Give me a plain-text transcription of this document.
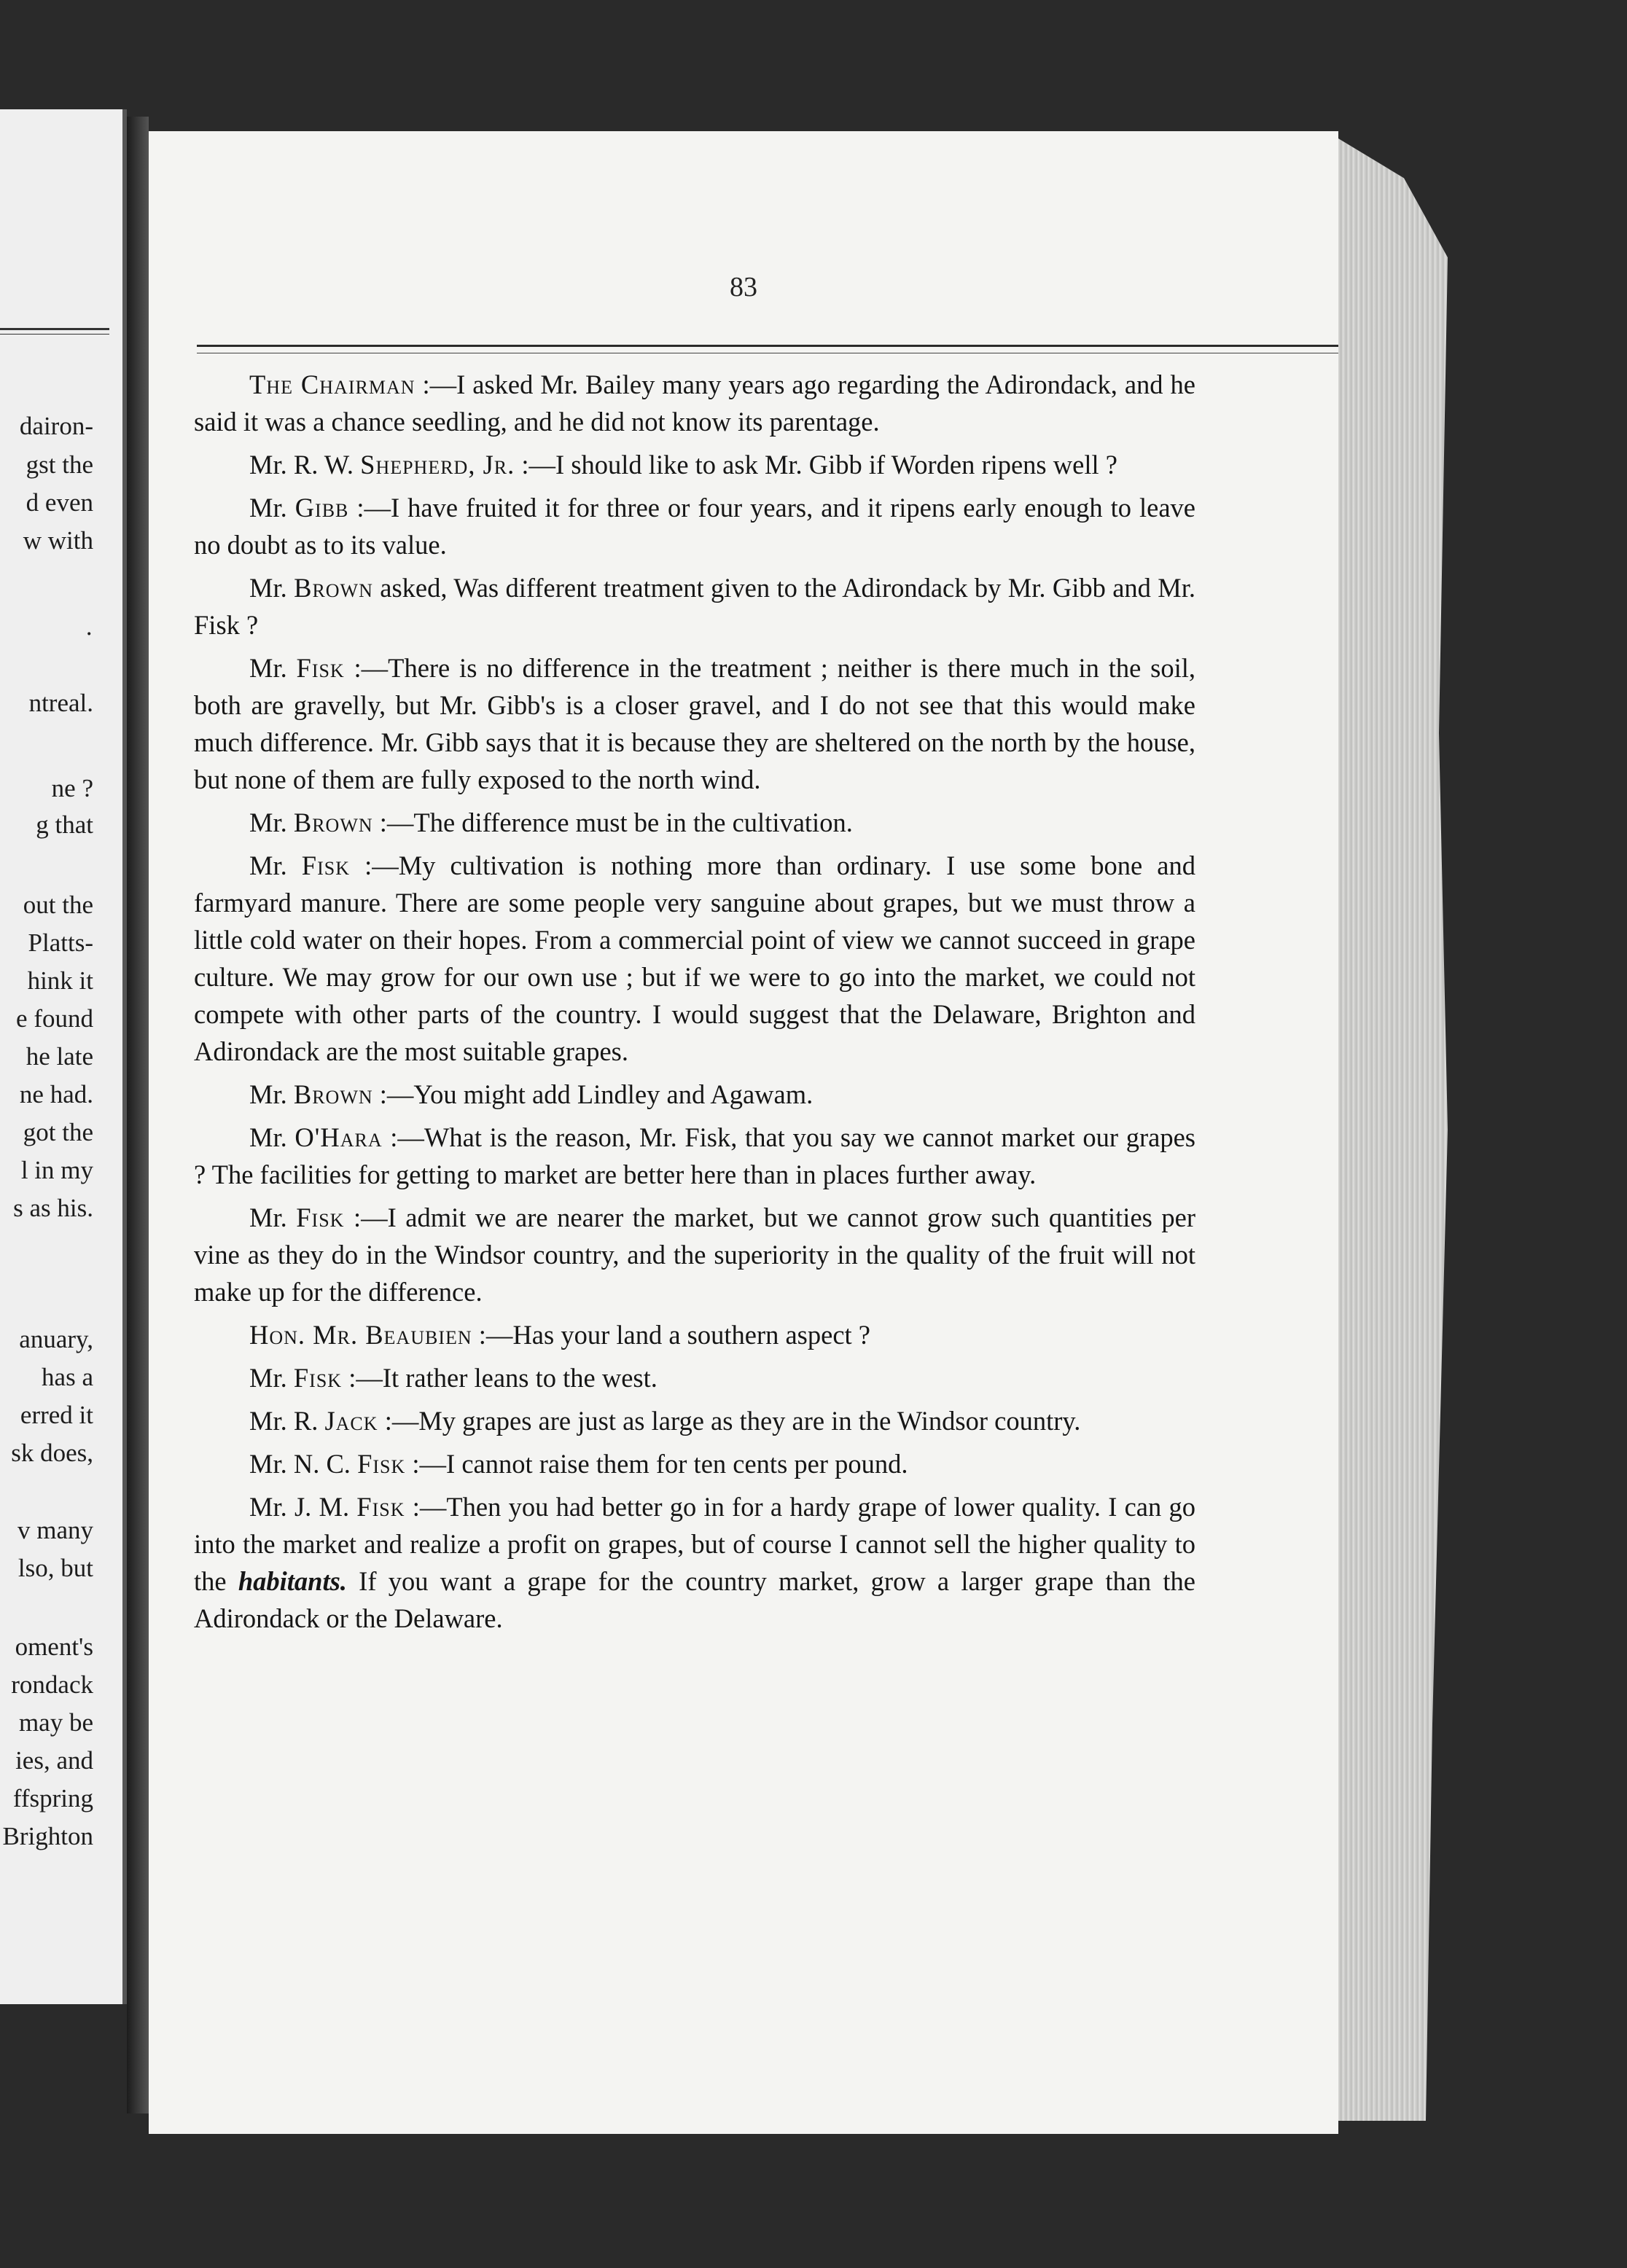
dairon-
gst the
d even
w with
·
ntreal.
ne ?
g that
out the
Platts-
hink it
e found
he late
ne had.
got the
l in my
s as his.
anuary,
has a
erred it
sk does,
v many
lso, but
oment's
rondack
may be
ies, and
ffspring
Brighton
83

The Chairman :—I asked Mr. Bailey many years ago regarding the Adirondack, and he said it was a chance seedling, and he did not know its parentage.

Mr. R. W. Shepherd, Jr. :—I should like to ask Mr. Gibb if Worden ripens well ?

Mr. Gibb :—I have fruited it for three or four years, and it ripens early enough to leave no doubt as to its value.

Mr. Brown asked, Was different treatment given to the Adirondack by Mr. Gibb and Mr. Fisk ?

Mr. Fisk :—There is no difference in the treatment ; neither is there much in the soil, both are gravelly, but Mr. Gibb's is a closer gravel, and I do not see that this would make much difference. Mr. Gibb says that it is because they are sheltered on the north by the house, but none of them are fully exposed to the north wind.

Mr. Brown :—The difference must be in the cultivation.

Mr. Fisk :—My cultivation is nothing more than ordinary. I use some bone and farmyard manure. There are some people very sanguine about grapes, but we must throw a little cold water on their hopes. From a commercial point of view we cannot succeed in grape culture. We may grow for our own use ; but if we were to go into the market, we could not compete with other parts of the country. I would suggest that the Delaware, Brighton and Adirondack are the most suitable grapes.

Mr. Brown :—You might add Lindley and Agawam.

Mr. O'Hara :—What is the reason, Mr. Fisk, that you say we cannot market our grapes ? The facilities for getting to market are better here than in places further away.

Mr. Fisk :—I admit we are nearer the market, but we cannot grow such quantities per vine as they do in the Windsor country, and the superiority in the quality of the fruit will not make up for the difference.

Hon. Mr. Beaubien :—Has your land a southern aspect ?

Mr. Fisk :—It rather leans to the west.

Mr. R. Jack :—My grapes are just as large as they are in the Windsor country.

Mr. N. C. Fisk :—I cannot raise them for ten cents per pound.

Mr. J. M. Fisk :—Then you had better go in for a hardy grape of lower quality. I can go into the market and realize a profit on grapes, but of course I cannot sell the higher quality to the habitants. If you want a grape for the country market, grow a larger grape than the Adirondack or the Delaware.
